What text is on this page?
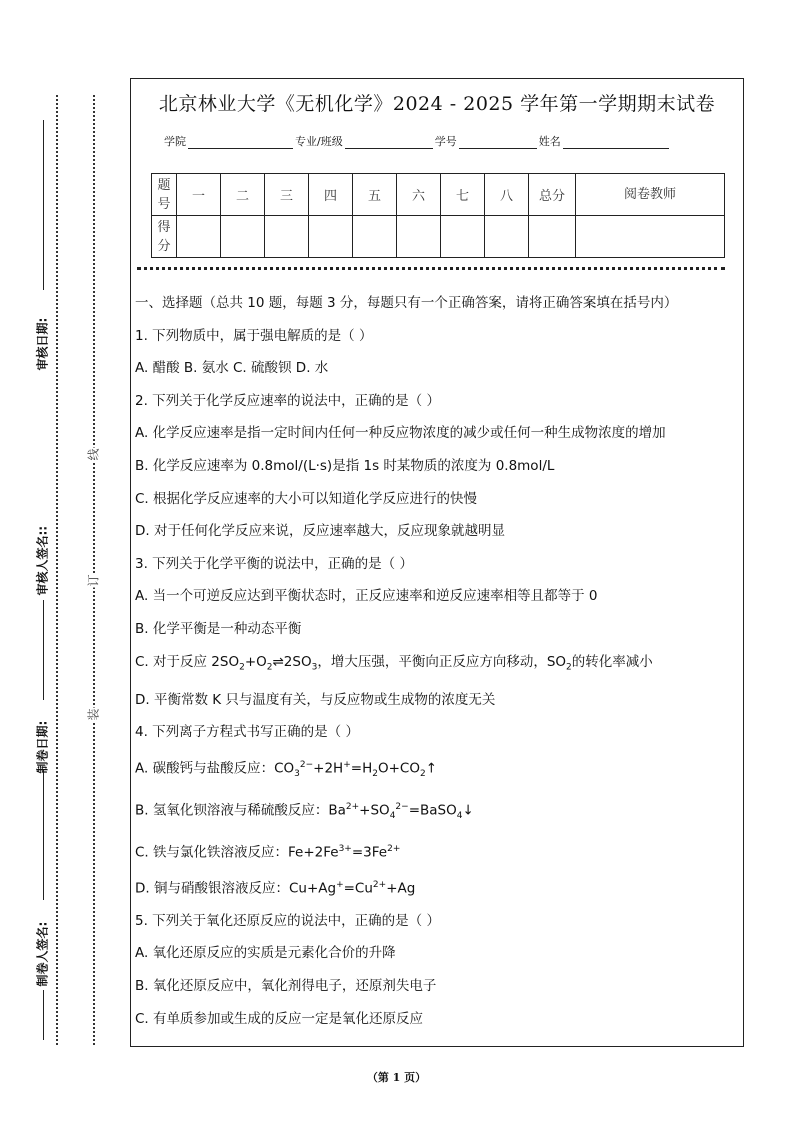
审核日期:
审核人签名::
制卷日期:
制卷人签名:
线
订
装
北京林业大学《无机化学》2024 - 2025 学年第一学期期末试卷
学院	专业/班级	学号	姓名
题号	一	二	三	四	五	六	七	八	总分	阅卷教师
得分										
一、选择题（总共 10 题，每题 3 分，每题只有一个正确答案，请将正确答案填在括号内）
1. 下列物质中，属于强电解质的是（ ）
A. 醋酸 B. 氨水 C. 硫酸钡 D. 水
2. 下列关于化学反应速率的说法中，正确的是（ ）
A. 化学反应速率是指一定时间内任何一种反应物浓度的减少或任何一种生成物浓度的增加
B. 化学反应速率为 0.8mol/(L·s)是指 1s 时某物质的浓度为 0.8mol/L
C. 根据化学反应速率的大小可以知道化学反应进行的快慢
D. 对于任何化学反应来说，反应速率越大，反应现象就越明显
3. 下列关于化学平衡的说法中，正确的是（ ）
A. 当一个可逆反应达到平衡状态时，正反应速率和逆反应速率相等且都等于 0
B. 化学平衡是一种动态平衡
C. 对于反应 $2SO_2+O_2\rightleftharpoons 2SO_3$，增大压强，平衡向正反应方向移动，$SO_2$的转化率减小
D. 平衡常数 K 只与温度有关，与反应物或生成物的浓度无关
4. 下列离子方程式书写正确的是（ ）
A. 碳酸钙与盐酸反应：$CO_3^{2-}+2H^+=H_2O+CO_2↑$
B. 氢氧化钡溶液与稀硫酸反应：$Ba^{2+}+SO_4^{2-}=BaSO_4↓$
C. 铁与氯化铁溶液反应：$Fe+2Fe^{3+}=3Fe^{2+}$
D. 铜与硝酸银溶液反应：$Cu+Ag^+=Cu^{2+}+Ag$
5. 下列关于氧化还原反应的说法中，正确的是（ ）
A. 氧化还原反应的实质是元素化合价的升降
B. 氧化还原反应中，氧化剂得电子，还原剂失电子
C. 有单质参加或生成的反应一定是氧化还原反应
（第 1 页）
